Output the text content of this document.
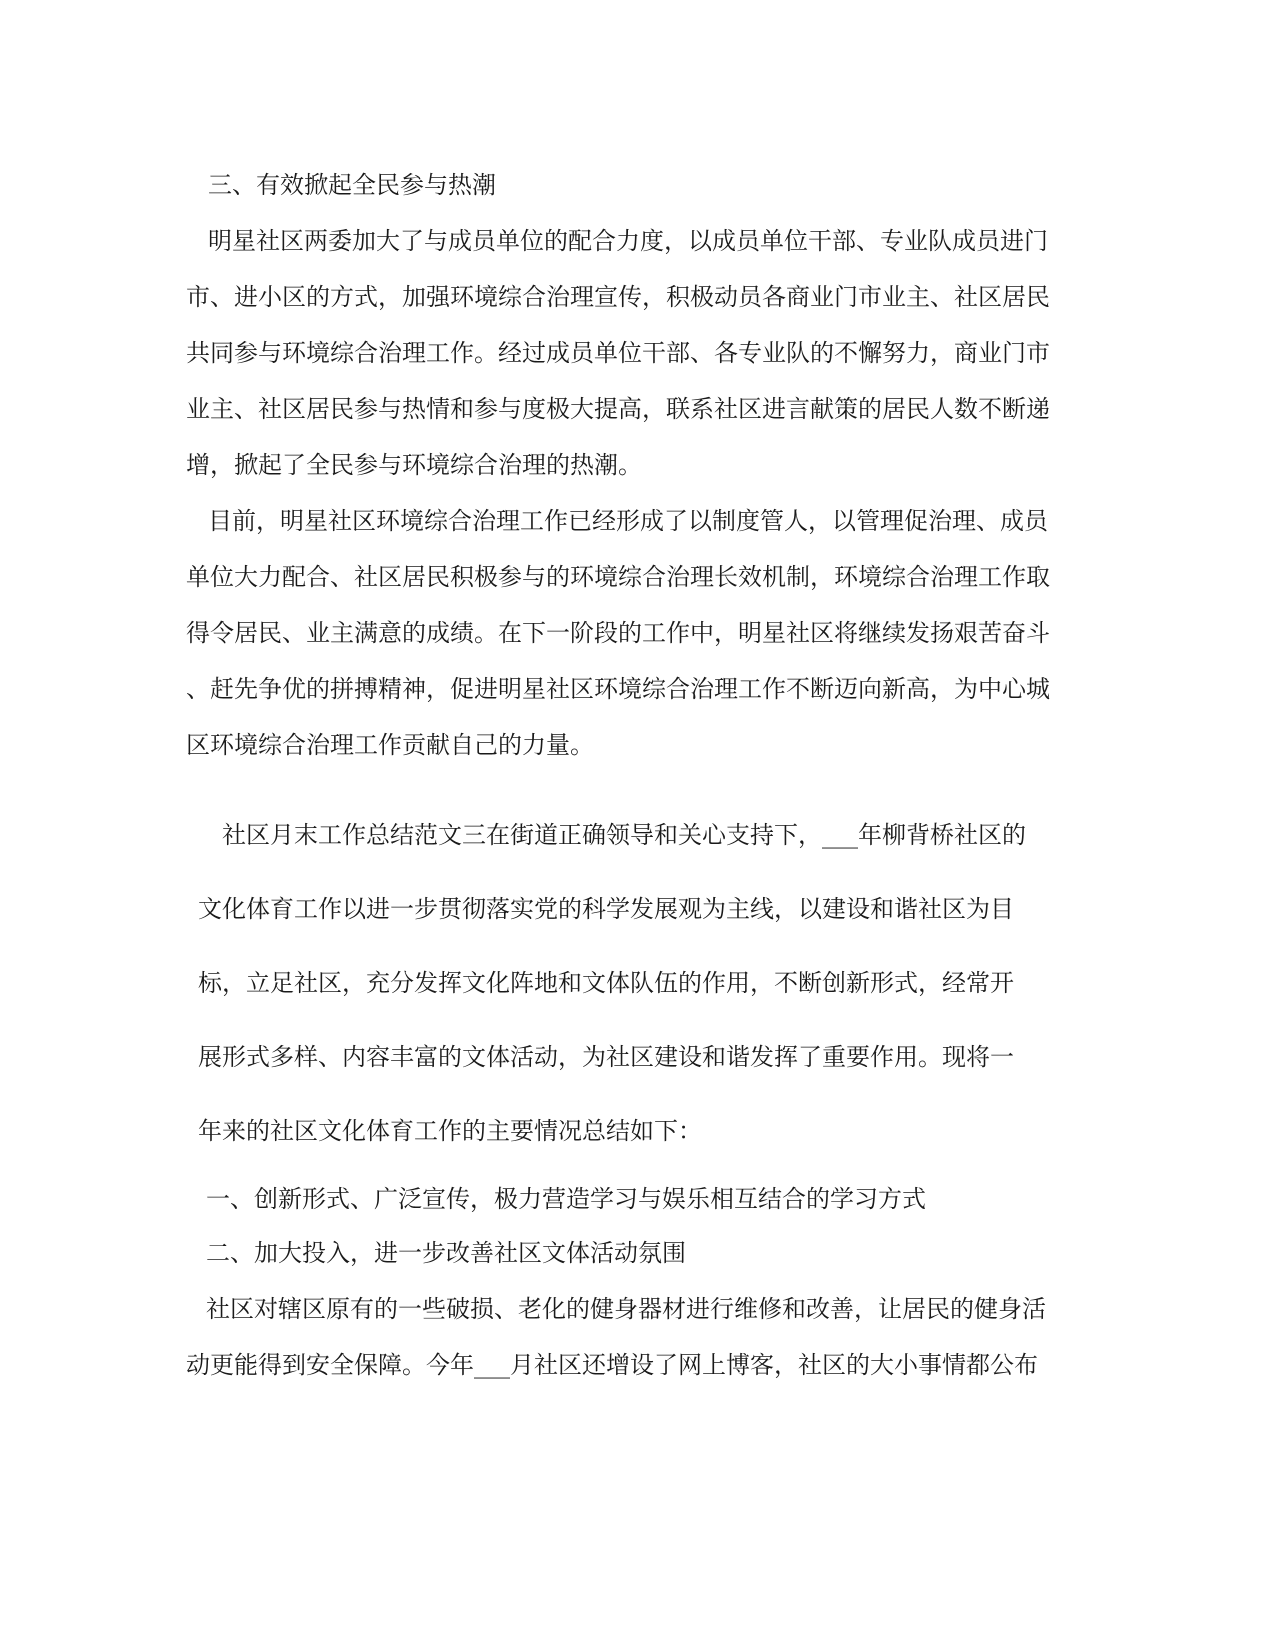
三、有效掀起全民参与热潮
明星社区两委加大了与成员单位的配合力度，以成员单位干部、专业队成员进门
市、进小区的方式，加强环境综合治理宣传，积极动员各商业门市业主、社区居民
共同参与环境综合治理工作。经过成员单位干部、各专业队的不懈努力，商业门市
业主、社区居民参与热情和参与度极大提高，联系社区进言献策的居民人数不断递
增，掀起了全民参与环境综合治理的热潮。
目前，明星社区环境综合治理工作已经形成了以制度管人，以管理促治理、成员
单位大力配合、社区居民积极参与的环境综合治理长效机制，环境综合治理工作取
得令居民、业主满意的成绩。在下一阶段的工作中，明星社区将继续发扬艰苦奋斗
、赶先争优的拼搏精神，促进明星社区环境综合治理工作不断迈向新高，为中心城
区环境综合治理工作贡献自己的力量。
社区月末工作总结范文三在街道正确领导和关心支持下，___年柳背桥社区的
文化体育工作以进一步贯彻落实党的科学发展观为主线，以建设和谐社区为目
标，立足社区，充分发挥文化阵地和文体队伍的作用，不断创新形式，经常开
展形式多样、内容丰富的文体活动，为社区建设和谐发挥了重要作用。现将一
年来的社区文化体育工作的主要情况总结如下：
一、创新形式、广泛宣传，极力营造学习与娱乐相互结合的学习方式
二、加大投入，进一步改善社区文体活动氛围
社区对辖区原有的一些破损、老化的健身器材进行维修和改善，让居民的健身活
动更能得到安全保障。今年___月社区还增设了网上博客，社区的大小事情都公布
